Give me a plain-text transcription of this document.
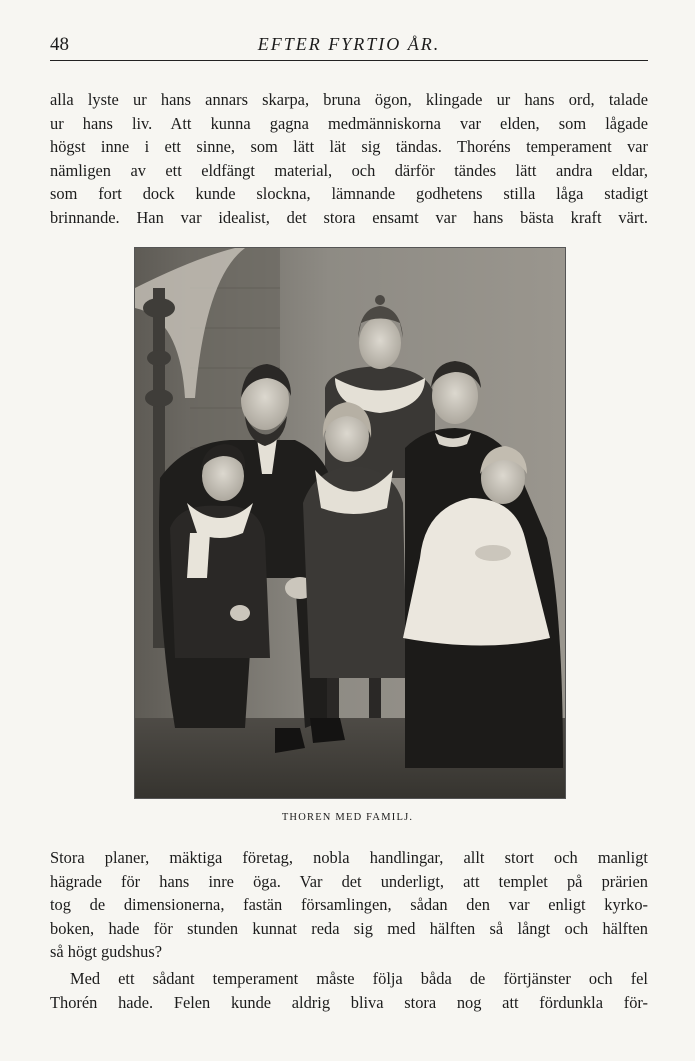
48	EFTER FYRTIO ÅR.

alla lyste ur hans annars skarpa, bruna ögon, klingade ur hans ord, talade
ur hans liv. Att kunna gagna medmänniskorna var elden, som lågade
högst inne i ett sinne, som lätt lät sig tändas. Thoréns temperament var
nämligen av ett eldfängt material, och därför tändes lätt andra eldar,
som fort dock kunde slockna, lämnande godhetens stilla låga stadigt
brinnande. Han var idealist, det stora ensamt var hans bästa kraft värt.

THOREN MED FAMILJ.

Stora planer, mäktiga företag, nobla handlingar, allt stort och manligt
hägrade för hans inre öga. Var det underligt, att templet på prärien
tog de dimensionerna, fastän församlingen, sådan den var enligt kyrko-
boken, hade för stunden kunnat reda sig med hälften så långt och hälften
så högt gudshus?

Med ett sådant temperament måste följa båda de förtjänster och fel
Thorén hade. Felen kunde aldrig bliva stora nog att fördunkla för-
